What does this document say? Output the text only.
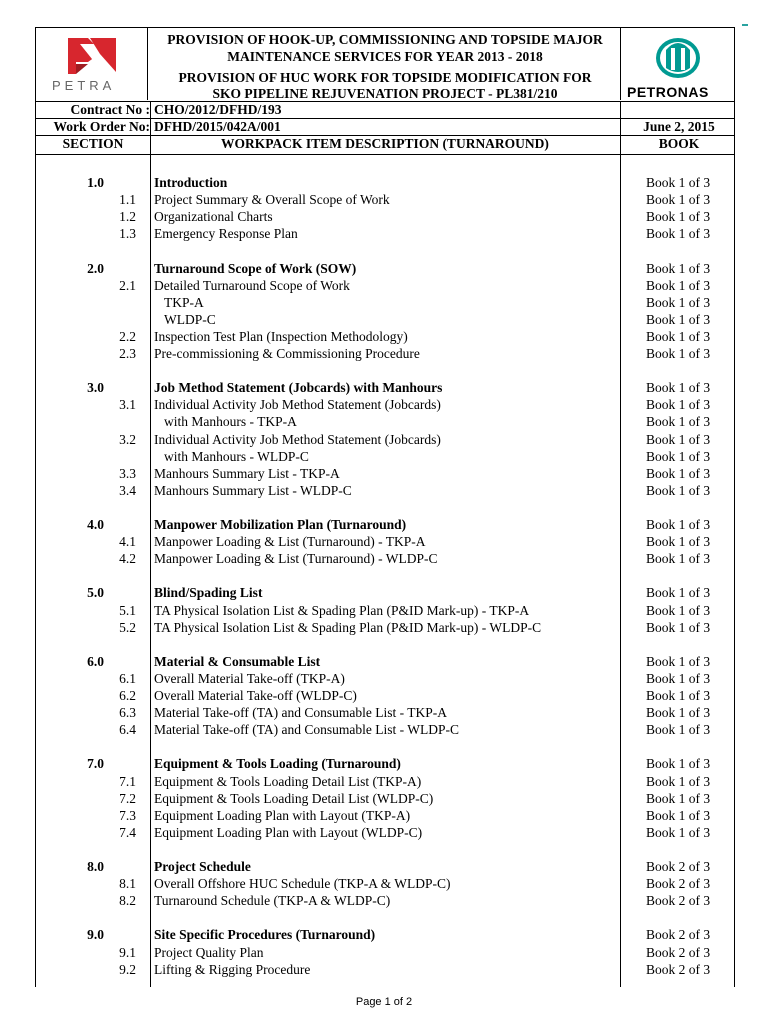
PETRA
PROVISION OF HOOK-UP, COMMISSIONING AND TOPSIDE MAJOR
MAINTENANCE SERVICES FOR YEAR 2013 - 2018
PROVISION OF HUC WORK FOR TOPSIDE MODIFICATION FOR
SKO PIPELINE REJUVENATION PROJECT - PL381/210	PETRONAS
Contract No : CHO/2012/DFHD/193
Work Order No: DFHD/2015/042A/001	June 2, 2015
SECTION	WORKPACK ITEM DESCRIPTION (TURNAROUND)	BOOK
1.0	Introduction	Book 1 of 3
1.1 Project Summary & Overall Scope of Work	Book 1 of 3
1.2 Organizational Charts	Book 1 of 3
1.3 Emergency Response Plan	Book 1 of 3
2.0	Turnaround Scope of Work (SOW)	Book 1 of 3
2.1 Detailed Turnaround Scope of Work	Book 1 of 3
TKP-A	Book 1 of 3
WLDP-C	Book 1 of 3
2.2 Inspection Test Plan (Inspection Methodology)	Book 1 of 3
2.3 Pre-commissioning & Commissioning Procedure	Book 1 of 3
3.0	Job Method Statement (Jobcards) with Manhours	Book 1 of 3
3.1 Individual Activity Job Method Statement (Jobcards)	Book 1 of 3
with Manhours - TKP-A	Book 1 of 3
3.2 Individual Activity Job Method Statement (Jobcards)	Book 1 of 3
with Manhours - WLDP-C	Book 1 of 3
3.3 Manhours Summary List - TKP-A	Book 1 of 3
3.4 Manhours Summary List - WLDP-C	Book 1 of 3
4.0	Manpower Mobilization Plan (Turnaround)	Book 1 of 3
4.1 Manpower Loading & List (Turnaround) - TKP-A	Book 1 of 3
4.2 Manpower Loading & List (Turnaround) - WLDP-C	Book 1 of 3
5.0	Blind/Spading List	Book 1 of 3
5.1 TA Physical Isolation List & Spading Plan (P&ID Mark-up) - TKP-A	Book 1 of 3
5.2 TA Physical Isolation List & Spading Plan (P&ID Mark-up) - WLDP-C	Book 1 of 3
6.0	Material & Consumable List	Book 1 of 3
6.1 Overall Material Take-off (TKP-A)	Book 1 of 3
6.2 Overall Material Take-off (WLDP-C)	Book 1 of 3
6.3 Material Take-off (TA) and Consumable List - TKP-A	Book 1 of 3
6.4 Material Take-off (TA) and Consumable List - WLDP-C	Book 1 of 3
7.0	Equipment & Tools Loading (Turnaround)	Book 1 of 3
7.1 Equipment & Tools Loading Detail List (TKP-A)	Book 1 of 3
7.2 Equipment & Tools Loading Detail List (WLDP-C)	Book 1 of 3
7.3 Equipment Loading Plan with Layout (TKP-A)	Book 1 of 3
7.4 Equipment Loading Plan with Layout (WLDP-C)	Book 1 of 3
8.0	Project Schedule	Book 2 of 3
8.1 Overall Offshore HUC Schedule (TKP-A & WLDP-C)	Book 2 of 3
8.2 Turnaround Schedule (TKP-A & WLDP-C)	Book 2 of 3
9.0	Site Specific Procedures (Turnaround)	Book 2 of 3
9.1 Project Quality Plan	Book 2 of 3
9.2 Lifting & Rigging Procedure	Book 2 of 3
Page 1 of 2
